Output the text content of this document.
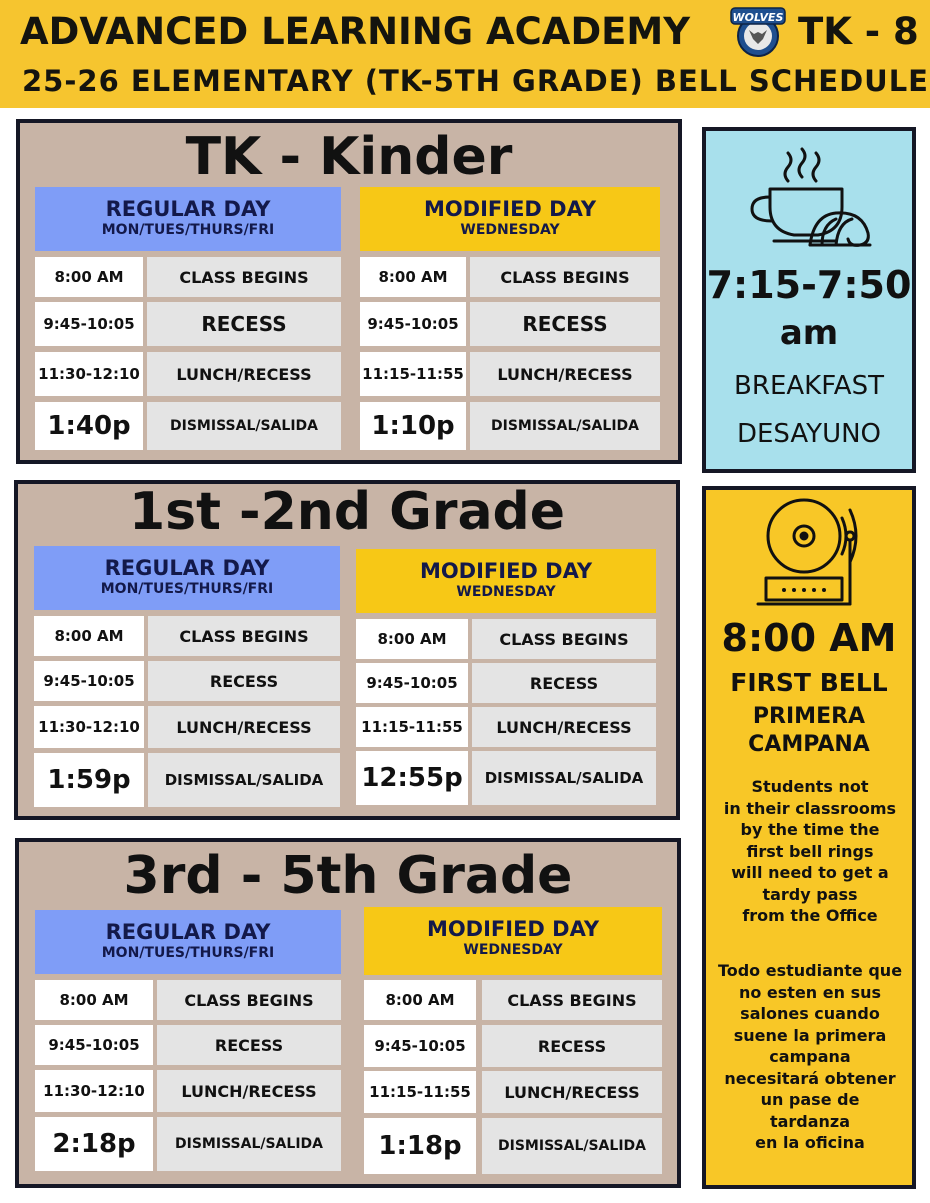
ADVANCED LEARNING ACADEMY	WOLVES TK - 8
25-26 ELEMENTARY (TK-5TH GRADE) BELL SCHEDULE
TK - Kinder
REGULAR DAY
MON/TUES/THURS/FRI
8:00 AM	CLASS BEGINS
9:45-10:05	RECESS
11:30-12:10	LUNCH/RECESS
1:40p	DISMISSAL/SALIDA
MODIFIED DAY
WEDNESDAY
8:00 AM	CLASS BEGINS
9:45-10:05	RECESS
11:15-11:55	LUNCH/RECESS
1:10p	DISMISSAL/SALIDA
1st -2nd Grade
REGULAR DAY
MON/TUES/THURS/FRI
8:00 AM	CLASS BEGINS
9:45-10:05	RECESS
11:30-12:10	LUNCH/RECESS
1:59p	DISMISSAL/SALIDA
MODIFIED DAY
WEDNESDAY
8:00 AM	CLASS BEGINS
9:45-10:05	RECESS
11:15-11:55	LUNCH/RECESS
12:55p	DISMISSAL/SALIDA
3rd - 5th Grade
REGULAR DAY
MON/TUES/THURS/FRI
8:00 AM	CLASS BEGINS
9:45-10:05	RECESS
11:30-12:10	LUNCH/RECESS
2:18p	DISMISSAL/SALIDA
MODIFIED DAY
WEDNESDAY
8:00 AM	CLASS BEGINS
9:45-10:05	RECESS
11:15-11:55	LUNCH/RECESS
1:18p	DISMISSAL/SALIDA
7:15-7:50
am
BREAKFAST
DESAYUNO
8:00 AM
FIRST BELL
PRIMERA
CAMPANA
Students not
in their classrooms
by the time the
first bell rings
will need to get a
tardy pass
from the Office
Todo estudiante que
no esten en sus
salones cuando
suene la primera
campana
necesitará obtener
un pase de
tardanza
en la oficina
